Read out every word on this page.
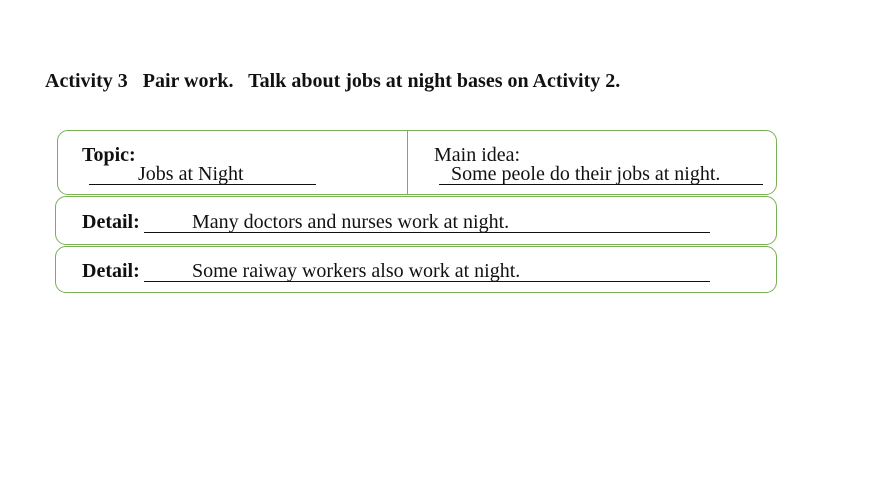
Activity 3 Pair work. Talk about jobs at night bases on Activity 2.
Topic:
Jobs at Night
Main idea:
Some peole do their jobs at night.
Detail:	Many doctors and nurses work at night.
Detail:	Some raiway workers also work at night.
